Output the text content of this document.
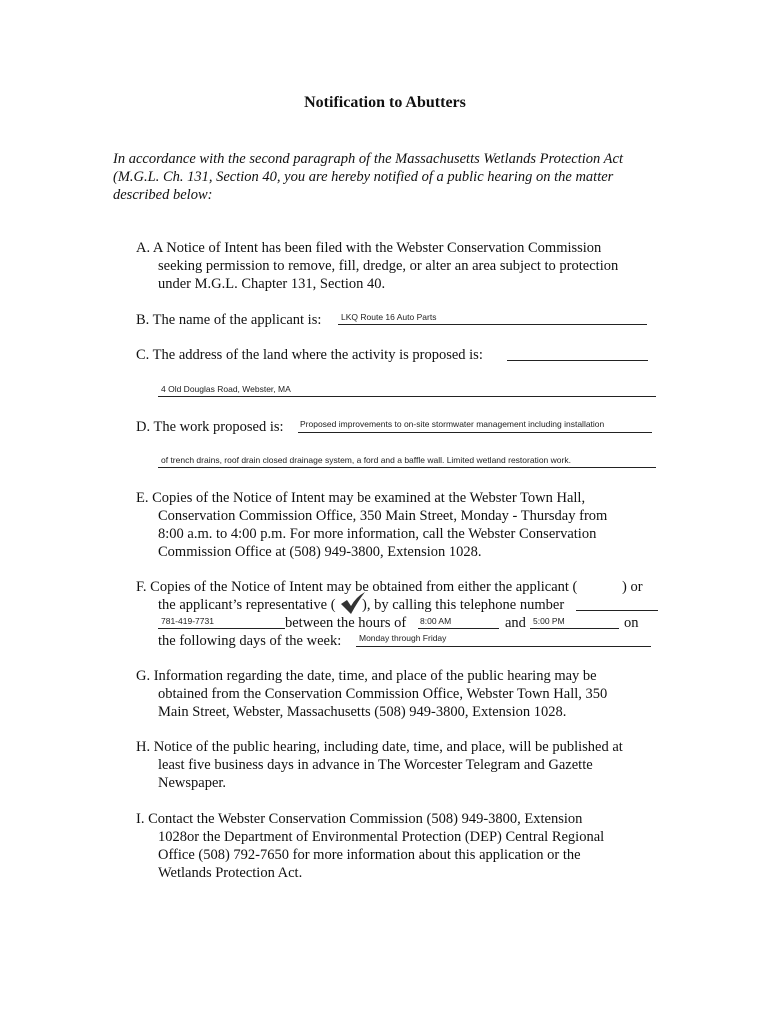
Notification to Abutters
In accordance with the second paragraph of the Massachusetts Wetlands Protection Act
(M.G.L. Ch. 131, Section 40, you are hereby notified of a public hearing on the matter
described below:
A. A Notice of Intent has been filed with the Webster Conservation Commission
seeking permission to remove, fill, dredge, or alter an area subject to protection
under M.G.L. Chapter 131, Section 40.
B. The name of the applicant is: LKQ Route 16 Auto Parts
C. The address of the land where the activity is proposed is:
4 Old Douglas Road, Webster, MA
D. The work proposed is: Proposed improvements to on-site stormwater management including installation
of trench drains, roof drain closed drainage system, a ford and a baffle wall. Limited wetland restoration work.
E. Copies of the Notice of Intent may be examined at the Webster Town Hall,
Conservation Commission Office, 350 Main Street, Monday - Thursday from
8:00 a.m. to 4:00 p.m. For more information, call the Webster Conservation
Commission Office at (508) 949-3800, Extension 1028.
F. Copies of the Notice of Intent may be obtained from either the applicant (	) or
the applicant’s representative ( ), by calling this telephone number
781-419-7731	between the hours of 8:00 AM	and 5:00 PM	on
the following days of the week: Monday through Friday
G. Information regarding the date, time, and place of the public hearing may be
obtained from the Conservation Commission Office, Webster Town Hall, 350
Main Street, Webster, Massachusetts (508) 949-3800, Extension 1028.
H. Notice of the public hearing, including date, time, and place, will be published at
least five business days in advance in The Worcester Telegram and Gazette
Newspaper.
I. Contact the Webster Conservation Commission (508) 949-3800, Extension
1028or the Department of Environmental Protection (DEP) Central Regional
Office (508) 792-7650 for more information about this application or the
Wetlands Protection Act.
